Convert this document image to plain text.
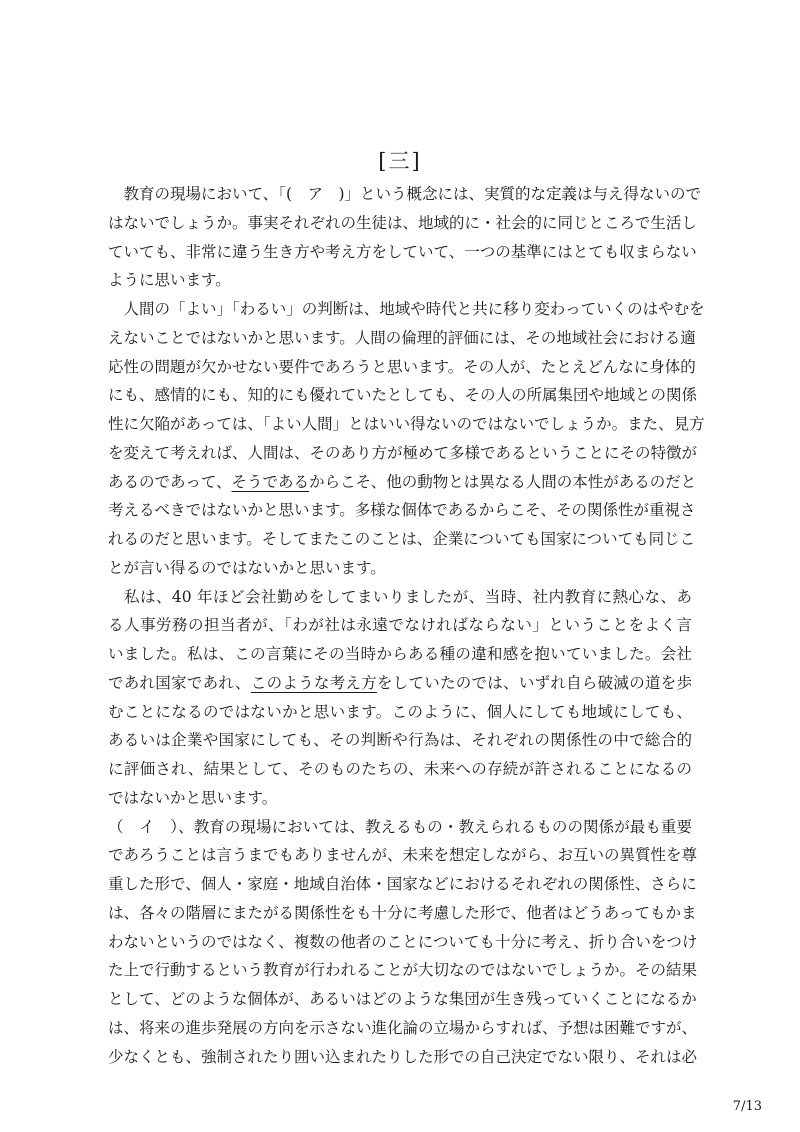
[三]
　教育の現場において、「(　ア　)」という概念には、実質的な定義は与え得ないので
はないでしょうか。事実それぞれの生徒は、地域的に・社会的に同じところで生活し
ていても、非常に違う生き方や考え方をしていて、一つの基準にはとても収まらない
ように思います。
　人間の「よい」「わるい」の判断は、地域や時代と共に移り変わっていくのはやむを
えないことではないかと思います。人間の倫理的評価には、その地域社会における適
応性の問題が欠かせない要件であろうと思います。その人が、たとえどんなに身体的
にも、感情的にも、知的にも優れていたとしても、その人の所属集団や地域との関係
性に欠陥があっては、「よい人間」とはいい得ないのではないでしょうか。また、見方
を変えて考えれば、人間は、そのあり方が極めて多様であるということにその特徴が
あるのであって、そうであるからこそ、他の動物とは異なる人間の本性があるのだと
考えるべきではないかと思います。多様な個体であるからこそ、その関係性が重視さ
れるのだと思います。そしてまたこのことは、企業についても国家についても同じこ
とが言い得るのではないかと思います。
　私は、40 年ほど会社勤めをしてまいりましたが、当時、社内教育に熱心な、あ
る人事労務の担当者が、「わが社は永遠でなければならない」ということをよく言
いました。私は、この言葉にその当時からある種の違和感を抱いていました。会社
であれ国家であれ、このような考え方をしていたのでは、いずれ自ら破滅の道を歩
むことになるのではないかと思います。このように、個人にしても地域にしても、
あるいは企業や国家にしても、その判断や行為は、それぞれの関係性の中で総合的
に評価され、結果として、そのものたちの、未来への存続が許されることになるの
ではないかと思います。
（　イ　）、教育の現場においては、教えるもの・教えられるものの関係が最も重要
であろうことは言うまでもありませんが、未来を想定しながら、お互いの異質性を尊
重した形で、個人・家庭・地域自治体・国家などにおけるそれぞれの関係性、さらに
は、各々の階層にまたがる関係性をも十分に考慮した形で、他者はどうあってもかま
わないというのではなく、複数の他者のことについても十分に考え、折り合いをつけ
た上で行動するという教育が行われることが大切なのではないでしょうか。その結果
として、どのような個体が、あるいはどのような集団が生き残っていくことになるか
は、将来の進歩発展の方向を示さない進化論の立場からすれば、予想は困難ですが、
少なくとも、強制されたり囲い込まれたりした形での自己決定でない限り、それは必
7/13
